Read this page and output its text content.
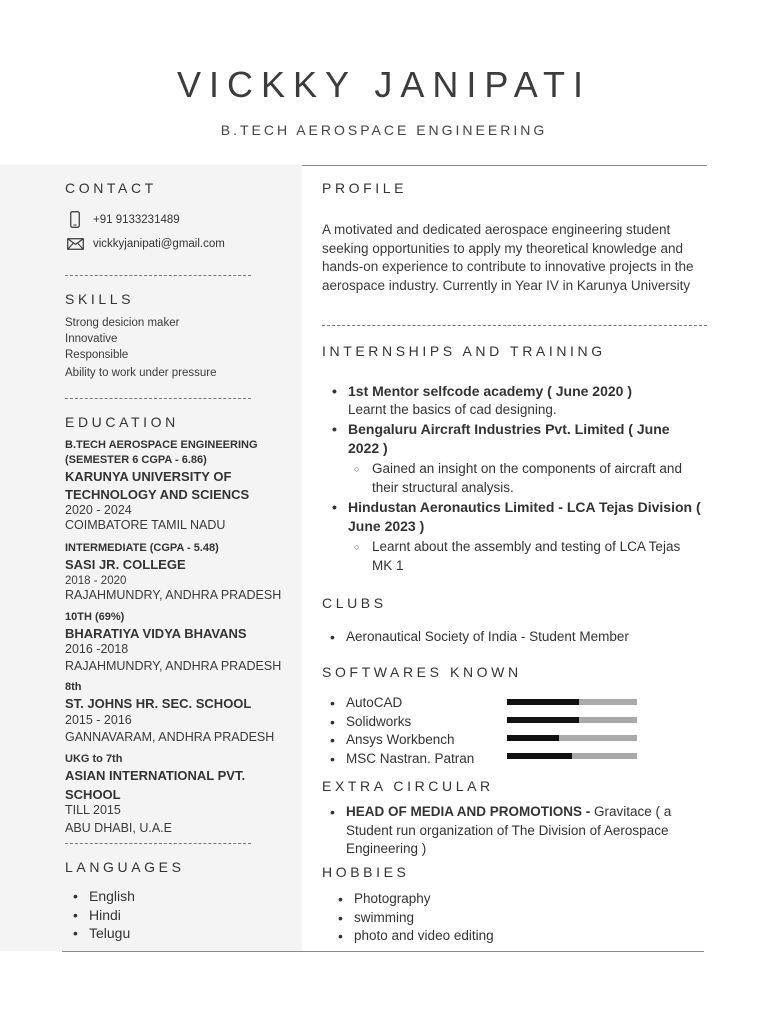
VICKKY JANIPATI
B.TECH AEROSPACE ENGINEERING
CONTACT
+91 9133231489
vickkyjanipati@gmail.com
SKILLS
Strong desicion maker
Innovative
Responsible
Ability to work under pressure
EDUCATION
B.TECH AEROSPACE ENGINEERING
(SEMESTER 6 CGPA - 6.86)
KARUNYA UNIVERSITY OF
TECHNOLOGY AND SCIENCS
2020 - 2024
COIMBATORE TAMIL NADU
INTERMEDIATE (CGPA - 5.48)
SASI JR. COLLEGE
2018 - 2020
RAJAHMUNDRY, ANDHRA PRADESH
10TH (69%)
BHARATIYA VIDYA BHAVANS
2016 -2018
RAJAHMUNDRY, ANDHRA PRADESH
8th
ST. JOHNS HR. SEC. SCHOOL
2015 - 2016
GANNAVARAM, ANDHRA PRADESH
UKG to 7th
ASIAN INTERNATIONAL PVT.
SCHOOL
TILL 2015
ABU DHABI, U.A.E
LANGUAGES
• English
• Hindi
• Telugu
PROFILE
A motivated and dedicated aerospace engineering student seeking opportunities to apply my theoretical knowledge and hands-on experience to contribute to innovative projects in the aerospace industry. Currently in Year IV in Karunya University
INTERNSHIPS AND TRAINING
• 1st Mentor selfcode academy ( June 2020 )
Learnt the basics of cad designing.
• Bengaluru Aircraft Industries Pvt. Limited ( June 2022 )
○ Gained an insight on the components of aircraft and their structural analysis.
• Hindustan Aeronautics Limited - LCA Tejas Division ( June 2023 )
○ Learnt about the assembly and testing of LCA Tejas MK 1
CLUBS
• Aeronautical Society of India - Student Member
SOFTWARES KNOWN
• AutoCAD
• Solidworks
• Ansys Workbench
• MSC Nastran. Patran
EXTRA CIRCULAR
• HEAD OF MEDIA AND PROMOTIONS - Gravitace ( a Student run organization of The Division of Aerospace Engineering )
HOBBIES
• Photography
• swimming
• photo and video editing
